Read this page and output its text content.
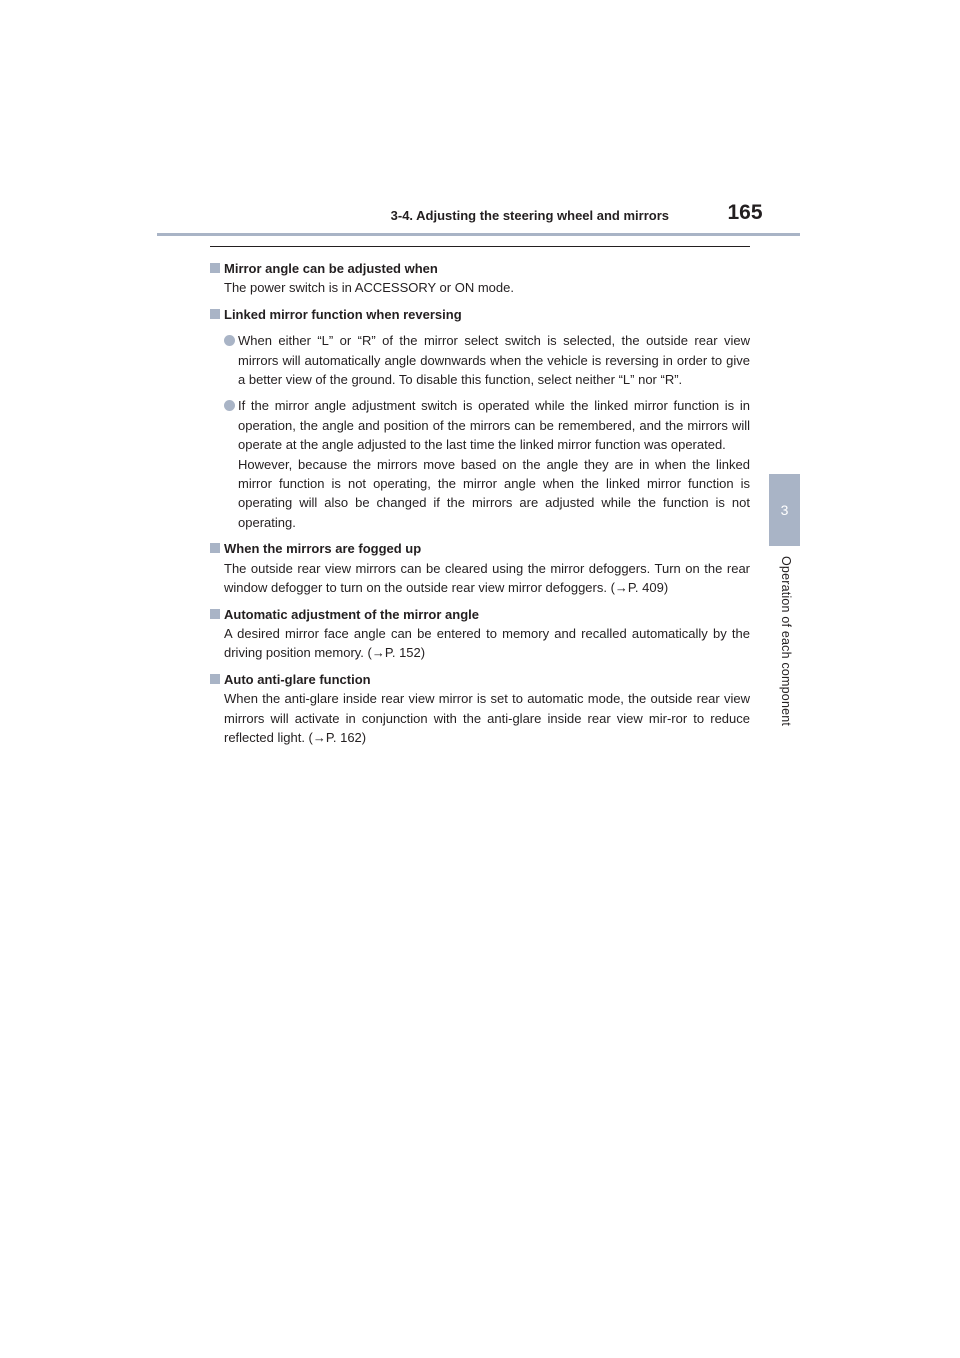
3-4. Adjusting the steering wheel and mirrors	165
3
Operation of each component
Mirror angle can be adjusted when
The power switch is in ACCESSORY or ON mode.
Linked mirror function when reversing

When either “L” or “R” of the mirror select switch is selected, the outside rear view mirrors will automatically angle downwards when the vehicle is reversing in order to give a better view of the ground. To disable this function, select neither “L” nor “R”.

If the mirror angle adjustment switch is operated while the linked mirror function is in operation, the angle and position of the mirrors can be remembered, and the mirrors will operate at the angle adjusted to the last time the linked mirror function was operated.

However, because the mirrors move based on the angle they are in when the linked mirror function is not operating, the mirror angle when the linked mirror function is operating will also be changed if the mirrors are adjusted while the function is not operating.

When the mirrors are fogged up
The outside rear view mirrors can be cleared using the mirror defoggers. Turn on the rear window defogger to turn on the outside rear view mirror defoggers. (→P. 409)
Automatic adjustment of the mirror angle
A desired mirror face angle can be entered to memory and recalled automatically by the driving position memory. (→P. 152)
Auto anti-glare function
When the anti-glare inside rear view mirror is set to automatic mode, the outside rear view mirrors will activate in conjunction with the anti-glare inside rear view mir-ror to reduce reflected light. (→P. 162)
